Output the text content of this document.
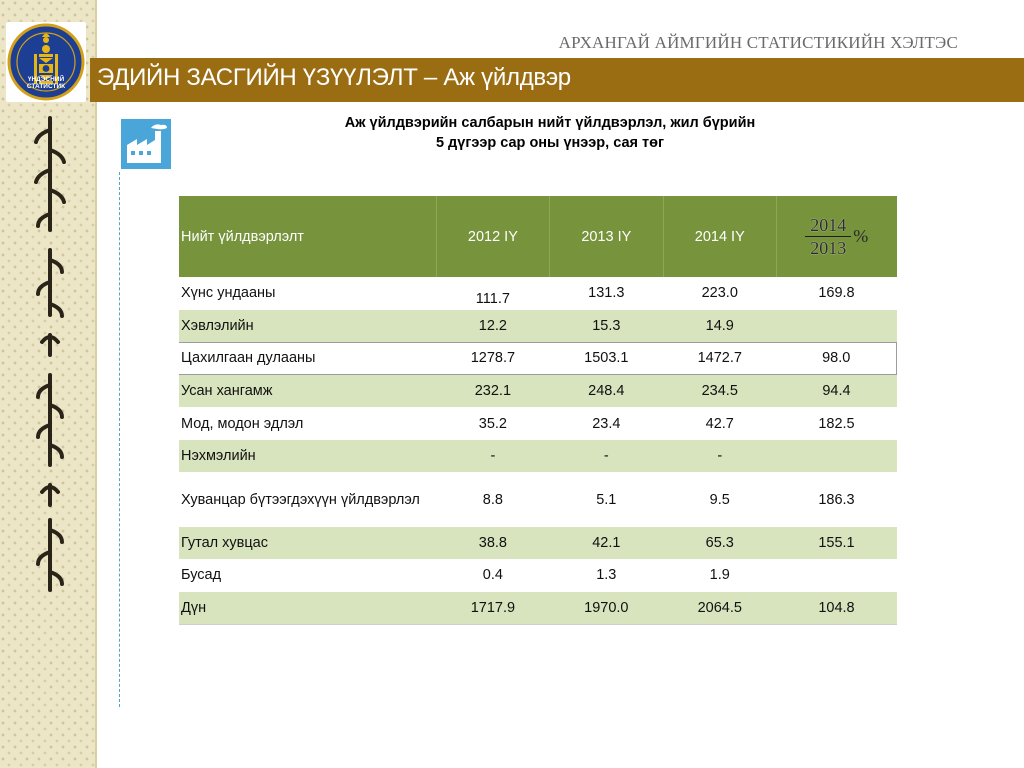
ҮНДЭСНИЙ
СТАТИСТИК
АРХАНГАЙ АЙМГИЙН СТАТИСТИКИЙН ХЭЛТЭС
ЭДИЙН ЗАСГИЙН ҮЗҮҮЛЭЛТ – Аж үйлдвэр
Аж үйлдвэрийн салбарын нийт үйлдвэрлэл, жил бүрийн
5 дүгээр сар оны үнээр, сая төг
Нийт үйлдвэрлэлт	2012 IY	2013 IY	2014 IY	$\frac{2014}{2013}$ %

Хүнс ундааны	111.7	131.3	223.0	169.8
Хэвлэлийн	12.2	15.3	14.9	
Цахилгаан дулааны	1278.7	1503.1	1472.7	98.0
Усан хангамж	232.1	248.4	234.5	94.4
Мод, модон эдлэл	35.2	23.4	42.7	182.5
Нэхмэлийн	-	-	-	
Хуванцар бүтээгдэхүүн үйлдвэрлэл	8.8	5.1	9.5	186.3
Гутал хувцас	38.8	42.1	65.3	155.1
Бусад	0.4	1.3	1.9	
Дүн	1717.9	1970.0	2064.5	104.8
